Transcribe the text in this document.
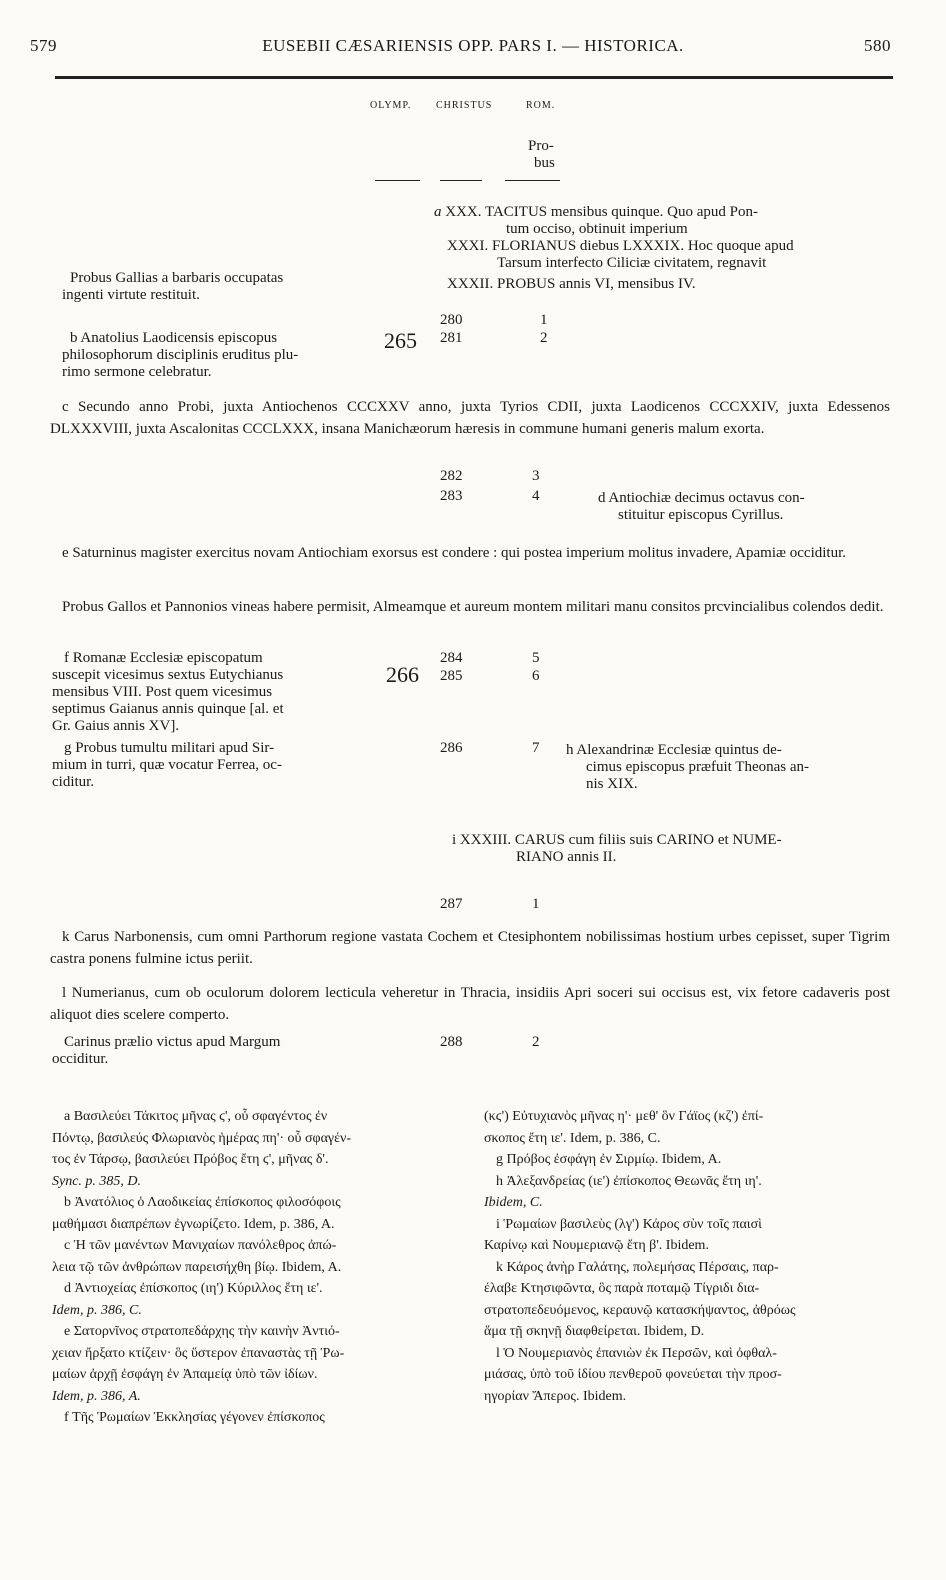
579	EUSEBII CÆSARIENSIS OPP. PARS I. — HISTORICA.	580
OLYMP. CHRISTUS	ROM.
Pro-
bus
a XXX. TACITUS mensibus quinque. Quo apud Pon-
tum occiso, obtinuit imperium
XXXI. FLORIANUS diebus LXXXIX. Hoc quoque apud
Tarsum interfecto Ciliciæ civitatem, regnavit
XXXII. PROBUS annis VI, mensibus IV.
Probus Gallias a barbaris occupatas
ingenti virtute restituit.
b Anatolius Laodicensis episcopus
philosophorum disciplinis eruditus plu-
rimo sermone celebratur.
265
280	1
281	2
c Secundo anno Probi, juxta Antiochenos CCCXXV anno, juxta Tyrios CDII, juxta Laodicenos CCCXXIV, juxta Edessenos DLXXXVIII, juxta Ascalonitas CCCLXXX, insana Manichæorum hæresis in commune humani generis malum exorta.
282	3
283	4	d Antiochiæ decimus octavus con-
stituitur episcopus Cyrillus.
e Saturninus magister exercitus novam Antiochiam exorsus est condere : qui postea imperium molitus invadere, Apamiæ occiditur.
Probus Gallos et Pannonios vineas habere permisit, Almeamque et aureum montem militari manu consitos prcvincialibus colendos dedit.
f Romanæ Ecclesiæ episcopatum
suscepit vicesimus sextus Eutychianus
mensibus VIII. Post quem vicesimus
septimus Gaianus annis quinque [al. et
Gr. Gaius annis XV].
266
284	5
285	6
g Probus tumultu militari apud Sir-
mium in turri, quæ vocatur Ferrea, oc-
ciditur.
286	7 h Alexandrinæ Ecclesiæ quintus de-
cimus episcopus præfuit Theonas an-
nis XIX.
i XXXIII. CARUS cum filiis suis CARINO et NUME-
RIANO annis II.
287	1
k Carus Narbonensis, cum omni Parthorum regione vastata Cochem et Ctesiphontem nobilissimas hostium urbes cepisset, super Tigrim castra ponens fulmine ictus periit.
l Numerianus, cum ob oculorum dolorem lecticula veheretur in Thracia, insidiis Apri soceri sui occisus est, vix fetore cadaveris post aliquot dies scelere comperto.
Carinus prælio victus apud Margum
occiditur.
288	2
a Βασιλεύει Τάκιτος μῆνας ϛ', οὗ σφαγέντος ἐν
Πόντῳ, βασιλεύς Φλωριανὸς ἡμέρας πη'· οὗ σφαγέν-
τος ἐν Τάρσῳ, βασιλεύει Πρόβος ἔτη ϛ', μῆνας δ'.
Sync. p. 385, D.
b Ἀνατόλιος ὁ Λαοδικείας ἐπίσκοπος φιλοσόφοις
μαθήμασι διαπρέπων ἐγνωρίζετο. Idem, p. 386, A.
c Ἡ τῶν μανέντων Μανιχαίων πανόλεθρος ἀπώ-
λεια τῷ τῶν ἀνθρώπων παρεισήχθη βίῳ. Ibidem, A.
d Ἀντιοχείας ἐπίσκοπος (ιη') Κύριλλος ἔτη ιε'.
Idem, p. 386, C.
e Σατορνῖνος στρατοπεδάρχης τὴν καινὴν Ἀντιό-
χειαν ἤρξατο κτίζειν· ὃς ὕστερον ἐπαναστὰς τῇ Ῥω-
μαίων ἀρχῇ ἐσφάγη ἐν Ἀπαμείᾳ ὑπὸ τῶν ἰδίων.
Idem, p. 386, A.
f Τῆς Ῥωμαίων Ἐκκλησίας γέγονεν ἐπίσκοπος
(κϛ') Εὐτυχιανὸς μῆνας η'· μεθ' ὃν Γάϊος (κζ') ἐπί-
σκοπος ἔτη ιε'. Idem, p. 386, C.
g Πρόβος ἐσφάγη ἐν Σιρμίῳ. Ibidem, A.
h Ἀλεξανδρείας (ιε') ἐπίσκοπος Θεωνᾶς ἔτη ιη'.
Ibidem, C.
i Ῥωμαίων βασιλεὺς (λγ') Κάρος σὺν τοῖς παισὶ
Καρίνῳ καὶ Νουμεριανῷ ἔτη β'. Ibidem.
k Κάρος ἀνὴρ Γαλάτης, πολεμήσας Πέρσαις, παρ-
έλαβε Κτησιφῶντα, ὃς παρὰ ποταμῷ Τίγριδι δια-
στρατοπεδευόμενος, κεραυνῷ κατασκήψαντος, ἀθρόως
ἅμα τῇ σκηνῇ διαφθείρεται. Ibidem, D.
l Ὁ Νουμεριανὸς ἐπανιὼν ἐκ Περσῶν, καὶ ὀφθαλ-
μιάσας, ὑπὸ τοῦ ἰδίου πενθεροῦ φονεύεται τὴν προσ-
ηγορίαν Ἄπερος. Ibidem.
